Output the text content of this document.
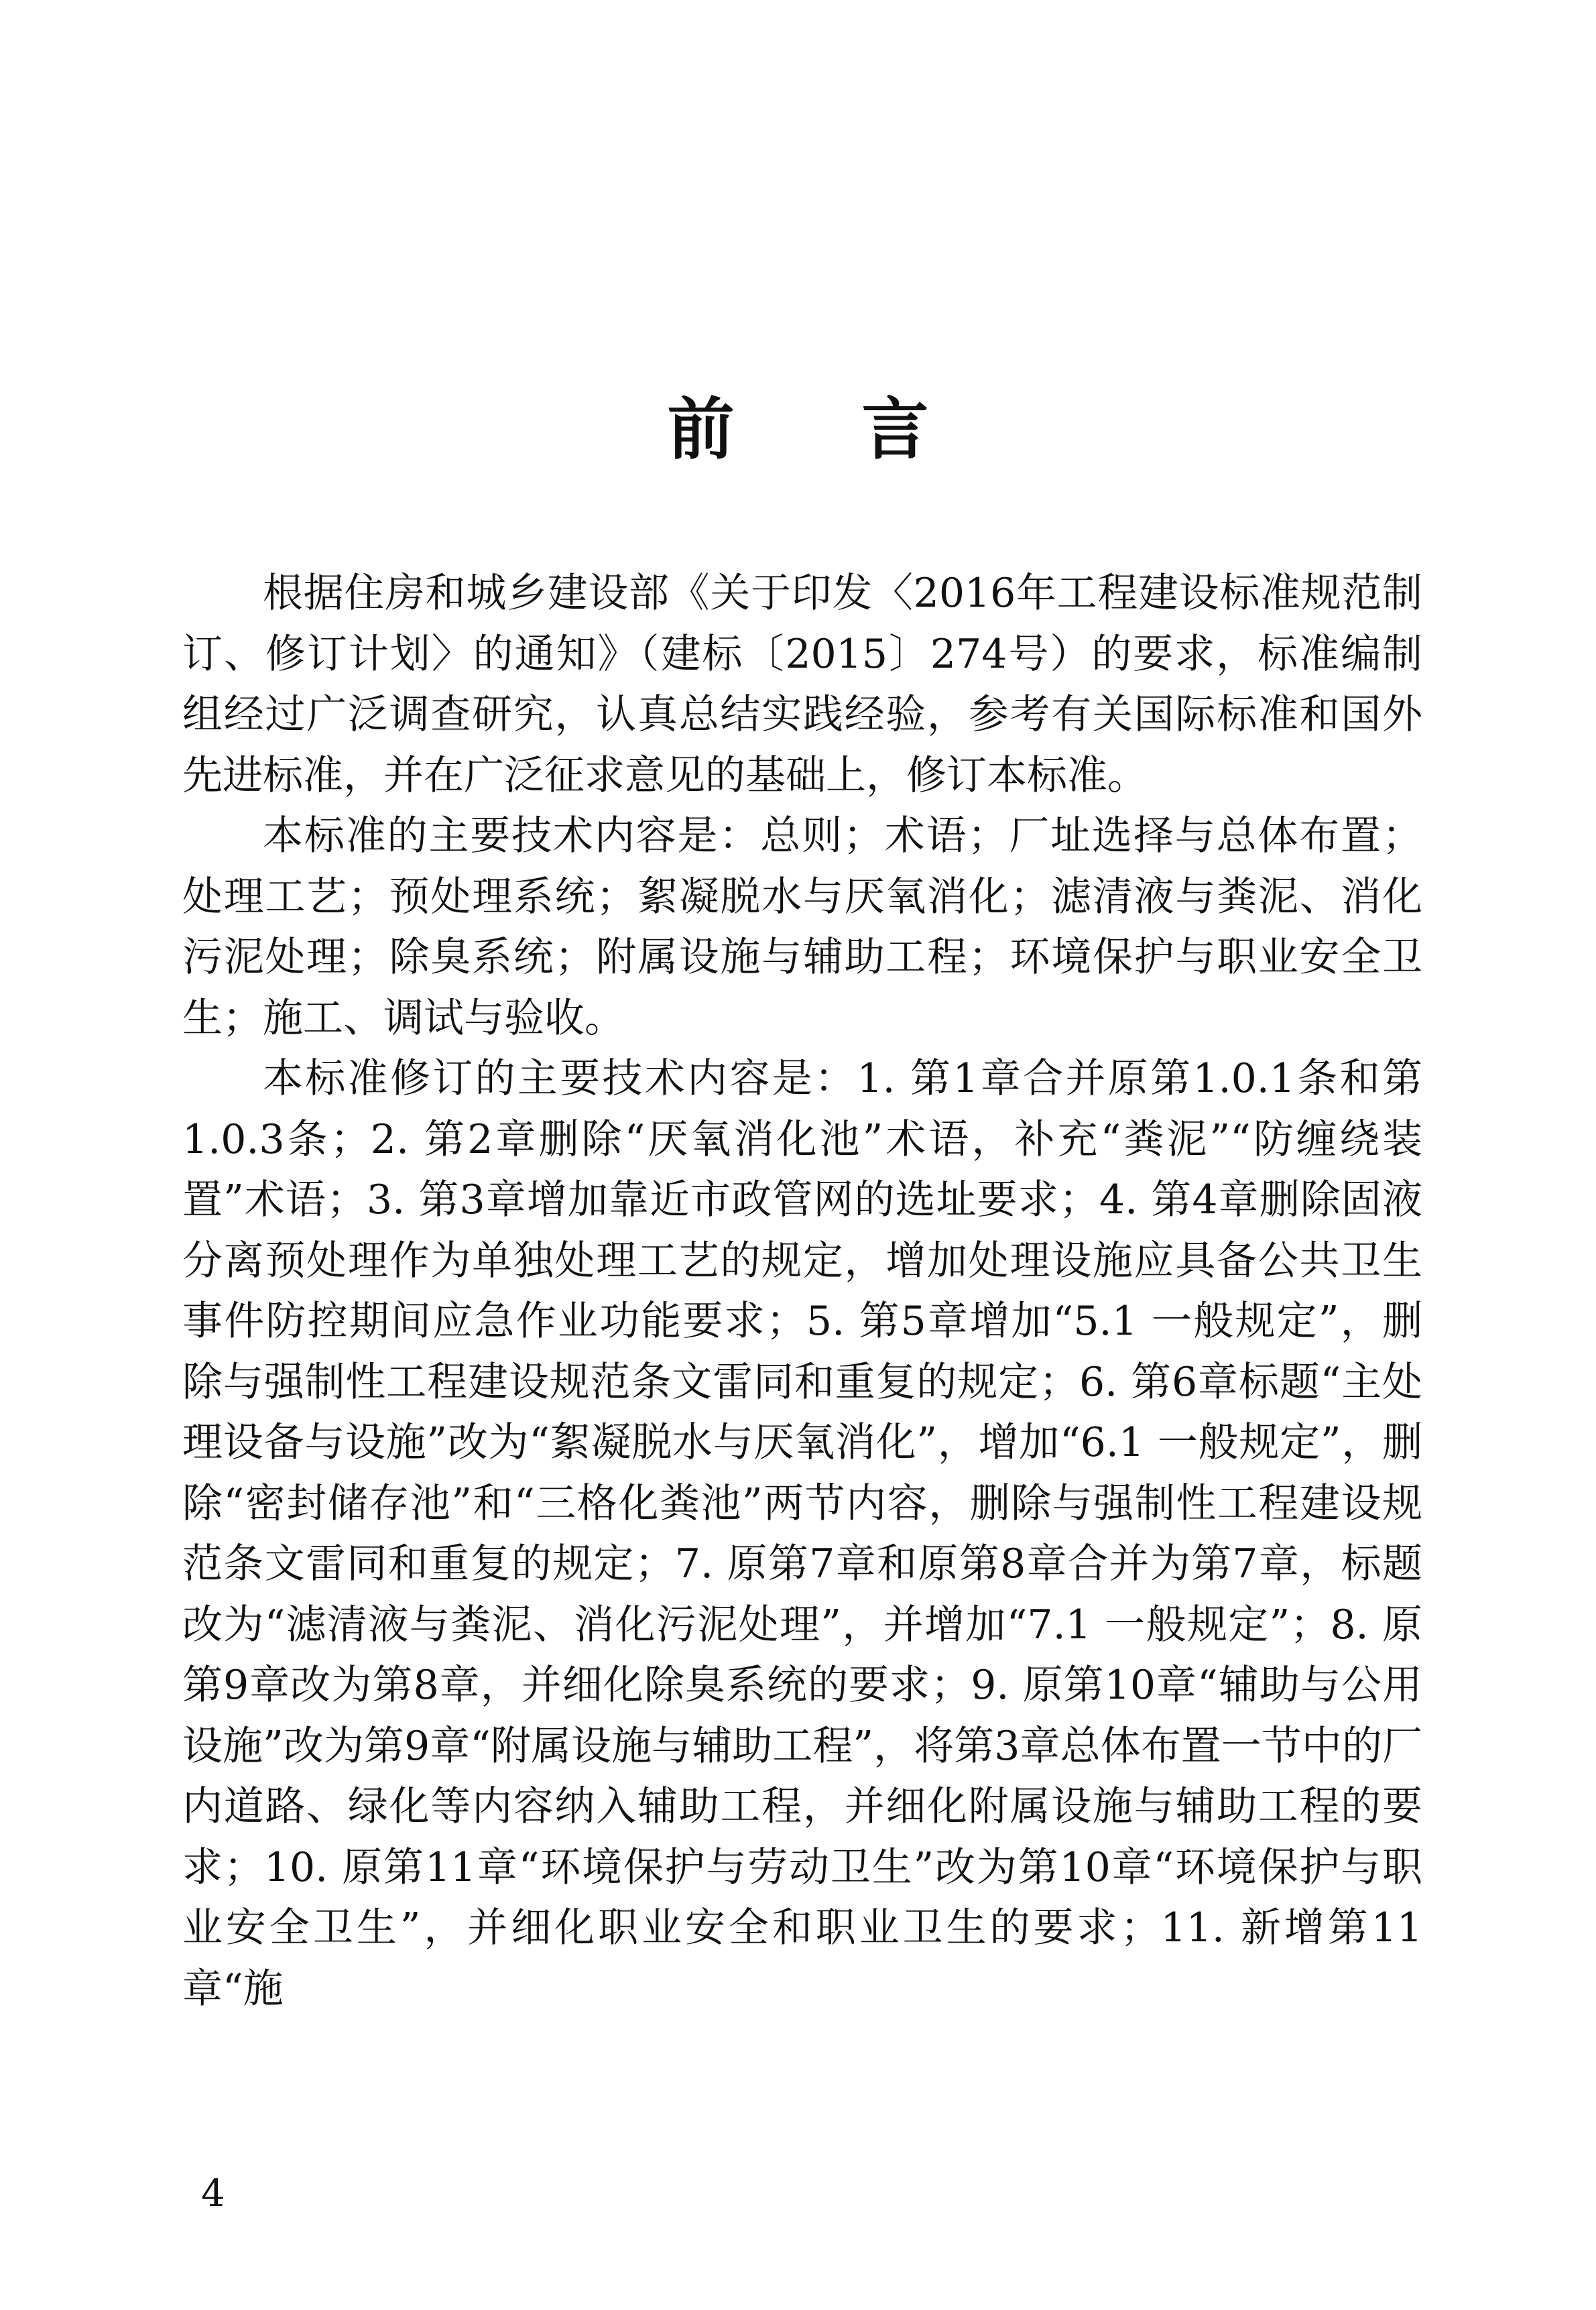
前 言

根据住房和城乡建设部《关于印发〈2016年工程建设标准规范制订、修订计划〉的通知》（建标〔2015〕274号）的要求，标准编制组经过广泛调查研究，认真总结实践经验，参考有关国际标准和国外先进标准，并在广泛征求意见的基础上，修订本标准。

本标准的主要技术内容是：总则；术语；厂址选择与总体布置；处理工艺；预处理系统；絮凝脱水与厌氧消化；滤清液与粪泥、消化污泥处理；除臭系统；附属设施与辅助工程；环境保护与职业安全卫生；施工、调试与验收。

本标准修订的主要技术内容是：1. 第1章合并原第1.0.1条和第1.0.3条；2. 第2章删除“厌氧消化池”术语，补充“粪泥”“防缠绕装置”术语；3. 第3章增加靠近市政管网的选址要求；4. 第4章删除固液分离预处理作为单独处理工艺的规定，增加处理设施应具备公共卫生事件防控期间应急作业功能要求；5. 第5章增加“5.1 一般规定”，删除与强制性工程建设规范条文雷同和重复的规定；6. 第6章标题“主处理设备与设施”改为“絮凝脱水与厌氧消化”，增加“6.1 一般规定”，删除“密封储存池”和“三格化粪池”两节内容，删除与强制性工程建设规范条文雷同和重复的规定；7. 原第7章和原第8章合并为第7章，标题改为“滤清液与粪泥、消化污泥处理”，并增加“7.1 一般规定”；8. 原第9章改为第8章，并细化除臭系统的要求；9. 原第10章“辅助与公用设施”改为第9章“附属设施与辅助工程”，将第3章总体布置一节中的厂内道路、绿化等内容纳入辅助工程，并细化附属设施与辅助工程的要求；10. 原第11章“环境保护与劳动卫生”改为第10章“环境保护与职业安全卫生”，并细化职业安全和职业卫生的要求；11. 新增第11章“施

4
